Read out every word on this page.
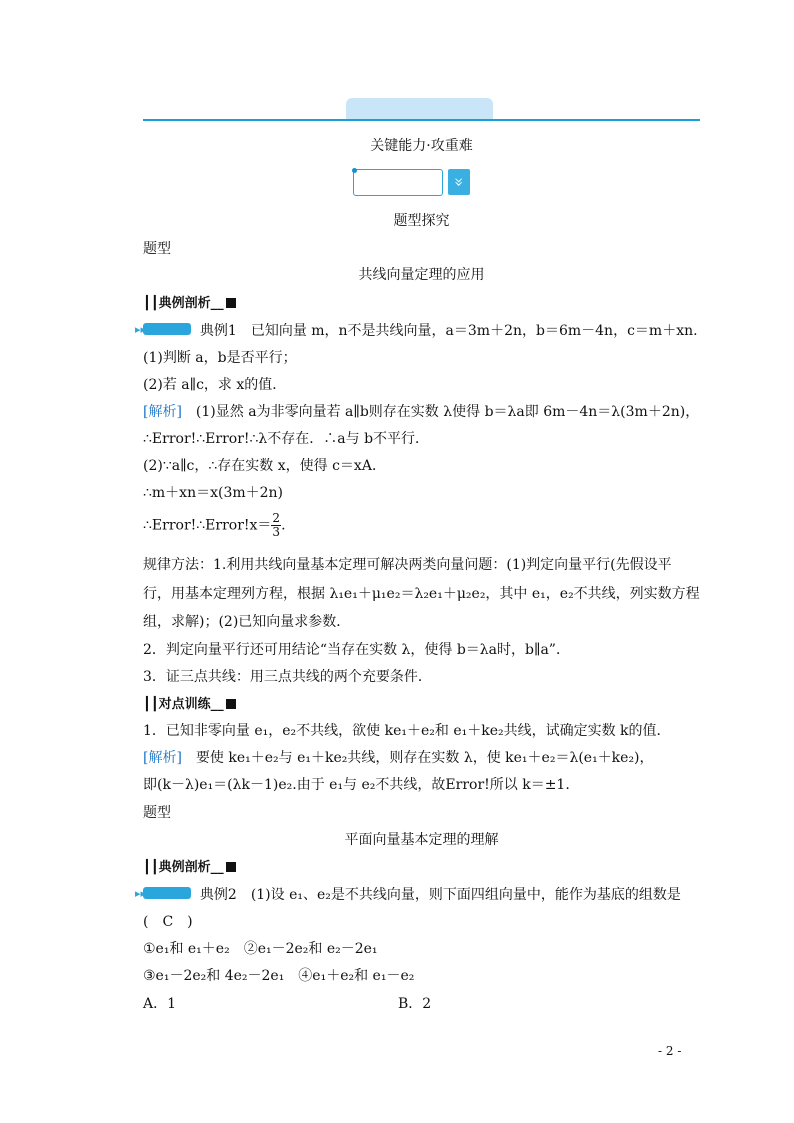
关键能力·攻重难
»
题型探究
题型
共线向量定理的应用
┃┃典例剖析__
▸▸	典例1　已知向量 m，n不是共线向量，a＝3m＋2n，b＝6m－4n，c＝m＋xn.
(1)判断 a，b是否平行；
(2)若 a∥c，求 x的值．
[解析]　(1)显然 a为非零向量若 a∥b则存在实数 λ使得 b＝λa即 6m－4n＝λ(3m＋2n)，
∴Error!∴Error!∴λ不存在．∴a与 b不平行．
(2)∵a∥c，∴存在实数 x，使得 c＝xA．
∴m＋xn＝x(3m＋2n)
∴Error!∴Error!x＝ $\frac{2}{3}$ .
规律方法：1.利用共线向量基本定理可解决两类向量问题：(1)判定向量平行(先假设平
行，用基本定理列方程，根据 λ₁e₁＋μ₁e₂＝λ₂e₁＋μ₂e₂，其中 e₁，e₂不共线，列实数方程
组，求解)；(2)已知向量求参数．
2．判定向量平行还可用结论“当存在实数 λ，使得 b＝λa时，b∥a”．
3．证三点共线：用三点共线的两个充要条件．
┃┃对点训练__
1．已知非零向量 e₁，e₂不共线，欲使 ke₁＋e₂和 e₁＋ke₂共线，试确定实数 k的值．
[解析]　要使 ke₁＋e₂与 e₁＋ke₂共线，则存在实数 λ，使 ke₁＋e₂＝λ(e₁＋ke₂)，
即(k－λ)e₁＝(λk－1)e₂.由于 e₁与 e₂不共线，故Error!所以 k＝±1.
题型
平面向量基本定理的理解
┃┃典例剖析__
▸▸	典例2　(1)设 e₁、e₂是不共线向量，则下面四组向量中，能作为基底的组数是
(　C　)
①e₁和 e₁＋e₂　②e₁－2e₂和 e₂－2e₁
③e₁－2e₂和 4e₂－2e₁　④e₁＋e₂和 e₁－e₂
A．1	B．2
- 2 -
